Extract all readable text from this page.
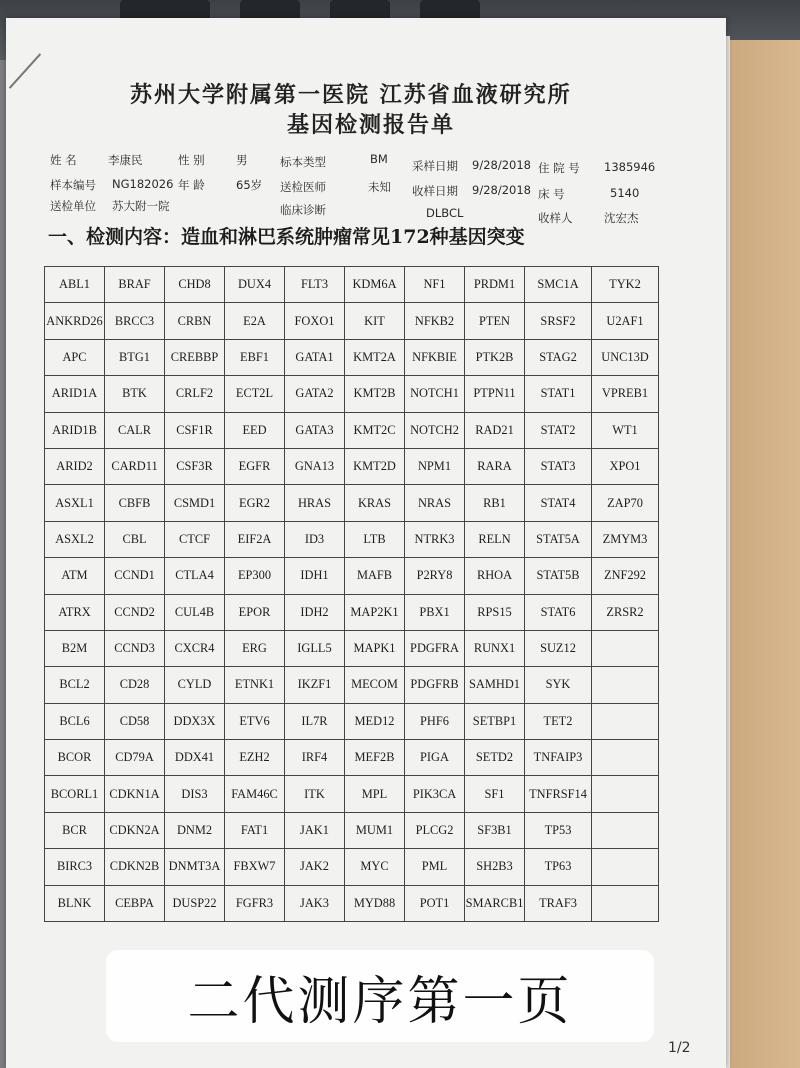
苏州大学附属第一医院 江苏省血液研究所
基因检测报告单
姓 名	李康民	性 别	男	标本类型	BM 采样日期 9/28/2018 住 院 号 1385946
样本编号 NG182026 年 龄	65岁 送检医师	未知 收样日期 9/28/2018 床 号	5140
送检单位 苏大附一院	临床诊断	DLBCL	收样人	沈宏杰
一、检测内容：造血和淋巴系统肿瘤常见172种基因突变
ABL1	BRAF	CHD8	DUX4	FLT3	KDM6A	NF1	PRDM1	SMC1A	TYK2
ANKRD26	BRCC3	CRBN	E2A	FOXO1	KIT	NFKB2	PTEN	SRSF2	U2AF1
APC	BTG1	CREBBP	EBF1	GATA1	KMT2A	NFKBIE	PTK2B	STAG2	UNC13D
ARID1A	BTK	CRLF2	ECT2L	GATA2	KMT2B	NOTCH1	PTPN11	STAT1	VPREB1
ARID1B	CALR	CSF1R	EED	GATA3	KMT2C	NOTCH2	RAD21	STAT2	WT1
ARID2	CARD11	CSF3R	EGFR	GNA13	KMT2D	NPM1	RARA	STAT3	XPO1
ASXL1	CBFB	CSMD1	EGR2	HRAS	KRAS	NRAS	RB1	STAT4	ZAP70
ASXL2	CBL	CTCF	EIF2A	ID3	LTB	NTRK3	RELN	STAT5A	ZMYM3
ATM	CCND1	CTLA4	EP300	IDH1	MAFB	P2RY8	RHOA	STAT5B	ZNF292
ATRX	CCND2	CUL4B	EPOR	IDH2	MAP2K1	PBX1	RPS15	STAT6	ZRSR2
B2M	CCND3	CXCR4	ERG	IGLL5	MAPK1	PDGFRA	RUNX1	SUZ12	
BCL2	CD28	CYLD	ETNK1	IKZF1	MECOM	PDGFRB	SAMHD1	SYK	
BCL6	CD58	DDX3X	ETV6	IL7R	MED12	PHF6	SETBP1	TET2	
BCOR	CD79A	DDX41	EZH2	IRF4	MEF2B	PIGA	SETD2	TNFAIP3	
BCORL1	CDKN1A	DIS3	FAM46C	ITK	MPL	PIK3CA	SF1	TNFRSF14	
BCR	CDKN2A	DNM2	FAT1	JAK1	MUM1	PLCG2	SF3B1	TP53	
BIRC3	CDKN2B	DNMT3A	FBXW7	JAK2	MYC	PML	SH2B3	TP63	
BLNK	CEBPA	DUSP22	FGFR3	JAK3	MYD88	POT1	SMARCB1	TRAF3	
二代测序第一页
1/2
